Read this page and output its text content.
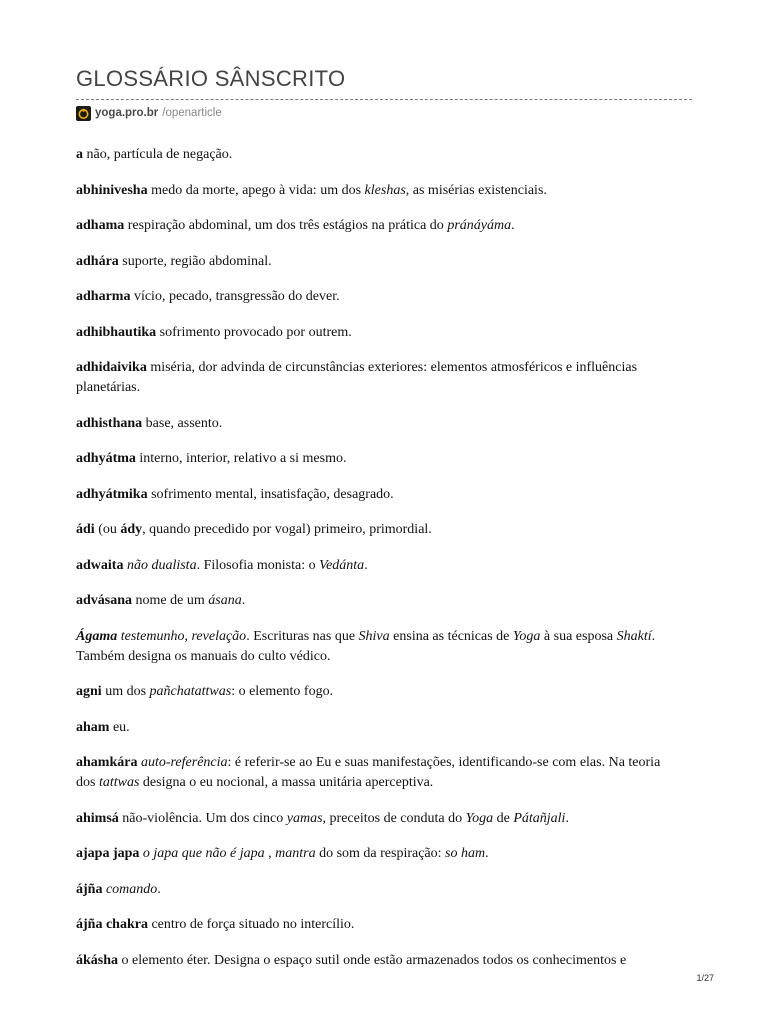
GLOSSÁRIO SÂNSCRITO
yoga.pro.br /openarticle

a não, partícula de negação.

abhinivesha medo da morte, apego à vida: um dos kleshas, as misérias existenciais.

adhama respiração abdominal, um dos três estágios na prática do pránáyáma.

adhára suporte, região abdominal.

adharma vício, pecado, transgressão do dever.

adhibhautika sofrimento provocado por outrem.

adhidaivika miséria, dor advinda de circunstâncias exteriores: elementos atmosféricos e influências planetárias.

adhisthana base, assento.

adhyátma interno, interior, relativo a si mesmo.

adhyátmika sofrimento mental, insatisfação, desagrado.

ádi (ou ády, quando precedido por vogal) primeiro, primordial.

adwaita não dualista. Filosofia monista: o Vedánta.

advásana nome de um ásana.

Ágama testemunho, revelação. Escrituras nas que Shiva ensina as técnicas de Yoga à sua esposa Shaktí. Também designa os manuais do culto védico.

agni um dos pañchatattwas: o elemento fogo.

aham eu.

ahamkára auto-referência: é referir-se ao Eu e suas manifestações, identificando-se com elas. Na teoria dos tattwas designa o eu nocional, a massa unitária aperceptiva.

ahimsá não-violência. Um dos cinco yamas, preceitos de conduta do Yoga de Pátañjali.

ajapa japa o japa que não é japa , mantra do som da respiração: so ham.

ájña comando.

ájña chakra centro de força situado no intercílio.

ákásha o elemento éter. Designa o espaço sutil onde estão armazenados todos os conhecimentos e

1/27
